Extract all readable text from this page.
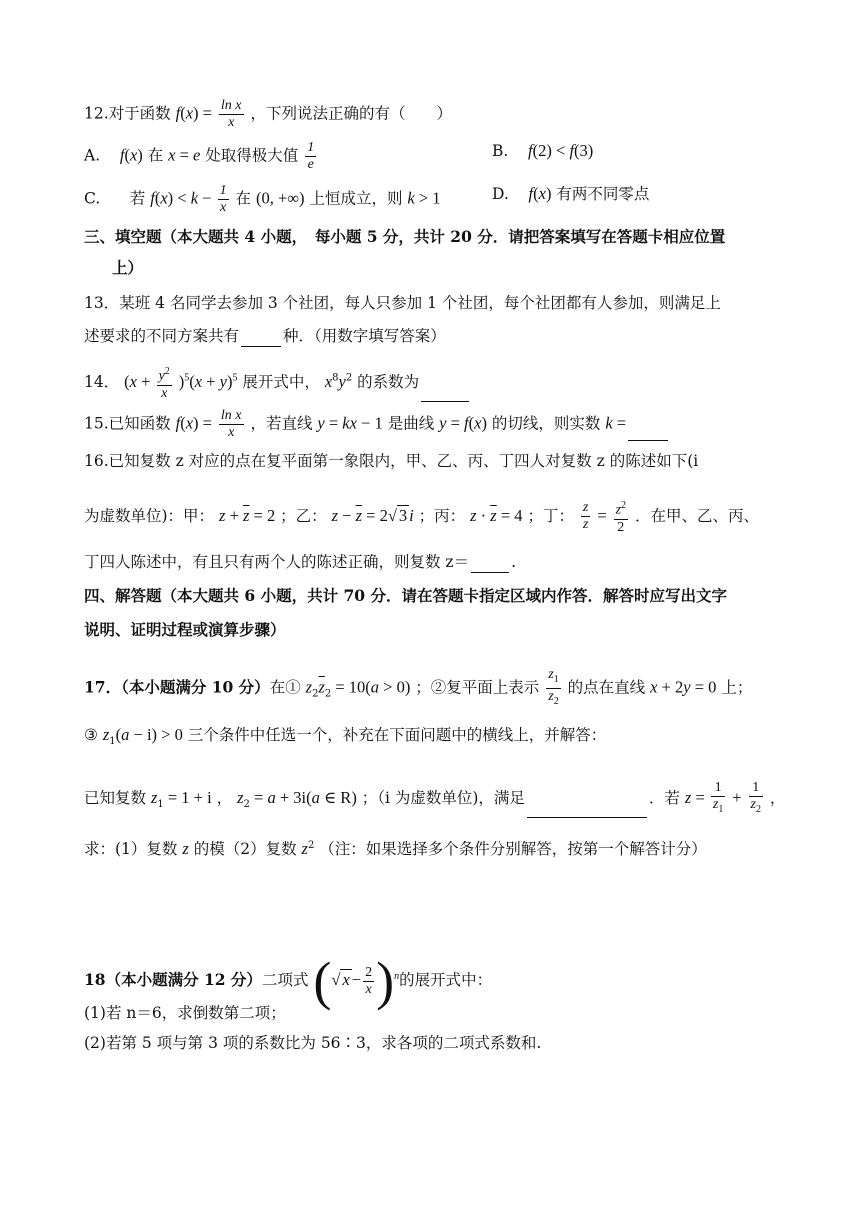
12.对于函数 $f(x) = \frac{\text{ln x}}{x}$ ，下列说法正确的有（　　）
A. f(x) 在 x = e 处取得极大值 $\frac{1}{e}$	B. f(2) < f(3)
C.      若 $f(x) < k - \frac{1}{x}$ 在 (0, +∞) 上恒成立，则 k > 1	D. f(x) 有两不同零点
三、填空题（本大题共 4 小题，　每小题 5 分，共计 20 分．请把答案填写在答题卡相应位置
上）
13．某班 4 名同学去参加 3 个社团，每人只参加 1 个社团，每个社团都有人参加，则满足上
述要求的不同方案共有	种．（用数字填写答案）
14． $(x + \frac{y^2}{x} )^5(x + y)^5$ 展开式中， $x^8y^2$ 的系数为
15.已知函数 $f(x) = \frac{\text{ln x}}{x}$ ，若直线 y = kx − 1 是曲线 y = f(x) 的切线，则实数 k =
16.已知复数 z 对应的点在复平面第一象限内，甲、乙、丙、丁四人对复数 z 的陈述如下(i
为虚数单位)：甲： $z + \overline{z} = 2$ ；乙： $z - \overline{z} = 2√$ 3 i ；丙： $z \cdot \overline{z} = 4$ ；丁： $\frac{z}{z} = \frac{z^2}{2}$ ．在甲、乙、丙、
丁四人陈述中，有且只有两个人的陈述正确，则复数 z＝	.
四、解答题（本大题共 6 小题，共计 70 分．请在答题卡指定区域内作答．解答时应写出文字
说明、证明过程或演算步骤）
17．（本小题满分 10 分）在① $z_2\overline{z}_2 = 10(a > 0)$ ；②复平面上表示 $\frac{z_1}{z_2}$ 的点在直线 x + 2y = 0 上；
③ $z_1(a - i) > 0$ 三个条件中任选一个，补充在下面问题中的横线上，并解答：
已知复数 $z_1 = 1 + i$ ， $z_2 = a + 3i(a$ ∈ R) ；（i 为虚数单位)，满足	．若 $z = \frac{1}{z_1} + \frac{1}{z_2}$ ，
求：(1）复数 z 的模（2）复数 $z^2$ （注：如果选择多个条件分别解答，按第一个解答计分）
18（本小题满分 12 分）二项式 (√ $x - \frac{2}{x} )^n$的展开式中：
(1)若 n＝6，求倒数第二项；
(2)若第 5 项与第 3 项的系数比为 56∶3，求各项的二项式系数和.
